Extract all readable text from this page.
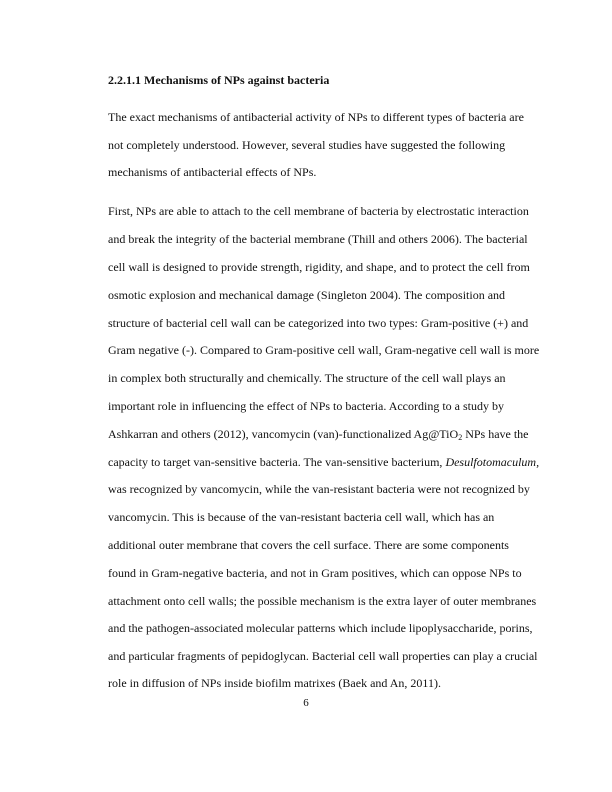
2.2.1.1 Mechanisms of NPs against bacteria
The exact mechanisms of antibacterial activity of NPs to different types of bacteria are
not completely understood. However, several studies have suggested the following
mechanisms of antibacterial effects of NPs.
First, NPs are able to attach to the cell membrane of bacteria by electrostatic interaction
and break the integrity of the bacterial membrane (Thill and others 2006). The bacterial
cell wall is designed to provide strength, rigidity, and shape, and to protect the cell from
osmotic explosion and mechanical damage (Singleton 2004). The composition and
structure of bacterial cell wall can be categorized into two types: Gram-positive (+) and
Gram negative (-). Compared to Gram-positive cell wall, Gram-negative cell wall is more
in complex both structurally and chemically. The structure of the cell wall plays an
important role in influencing the effect of NPs to bacteria. According to a study by
Ashkarran and others (2012), vancomycin (van)-functionalized Ag@TiO$_2$ NPs have the
capacity to target van-sensitive bacteria. The van-sensitive bacterium, Desulfotomaculum,
was recognized by vancomycin, while the van-resistant bacteria were not recognized by
vancomycin. This is because of the van-resistant bacteria cell wall, which has an
additional outer membrane that covers the cell surface. There are some components
found in Gram-negative bacteria, and not in Gram positives, which can oppose NPs to
attachment onto cell walls; the possible mechanism is the extra layer of outer membranes
and the pathogen-associated molecular patterns which include lipoplysaccharide, porins,
and particular fragments of pepidoglycan. Bacterial cell wall properties can play a crucial
role in diffusion of NPs inside biofilm matrixes (Baek and An, 2011).
6
